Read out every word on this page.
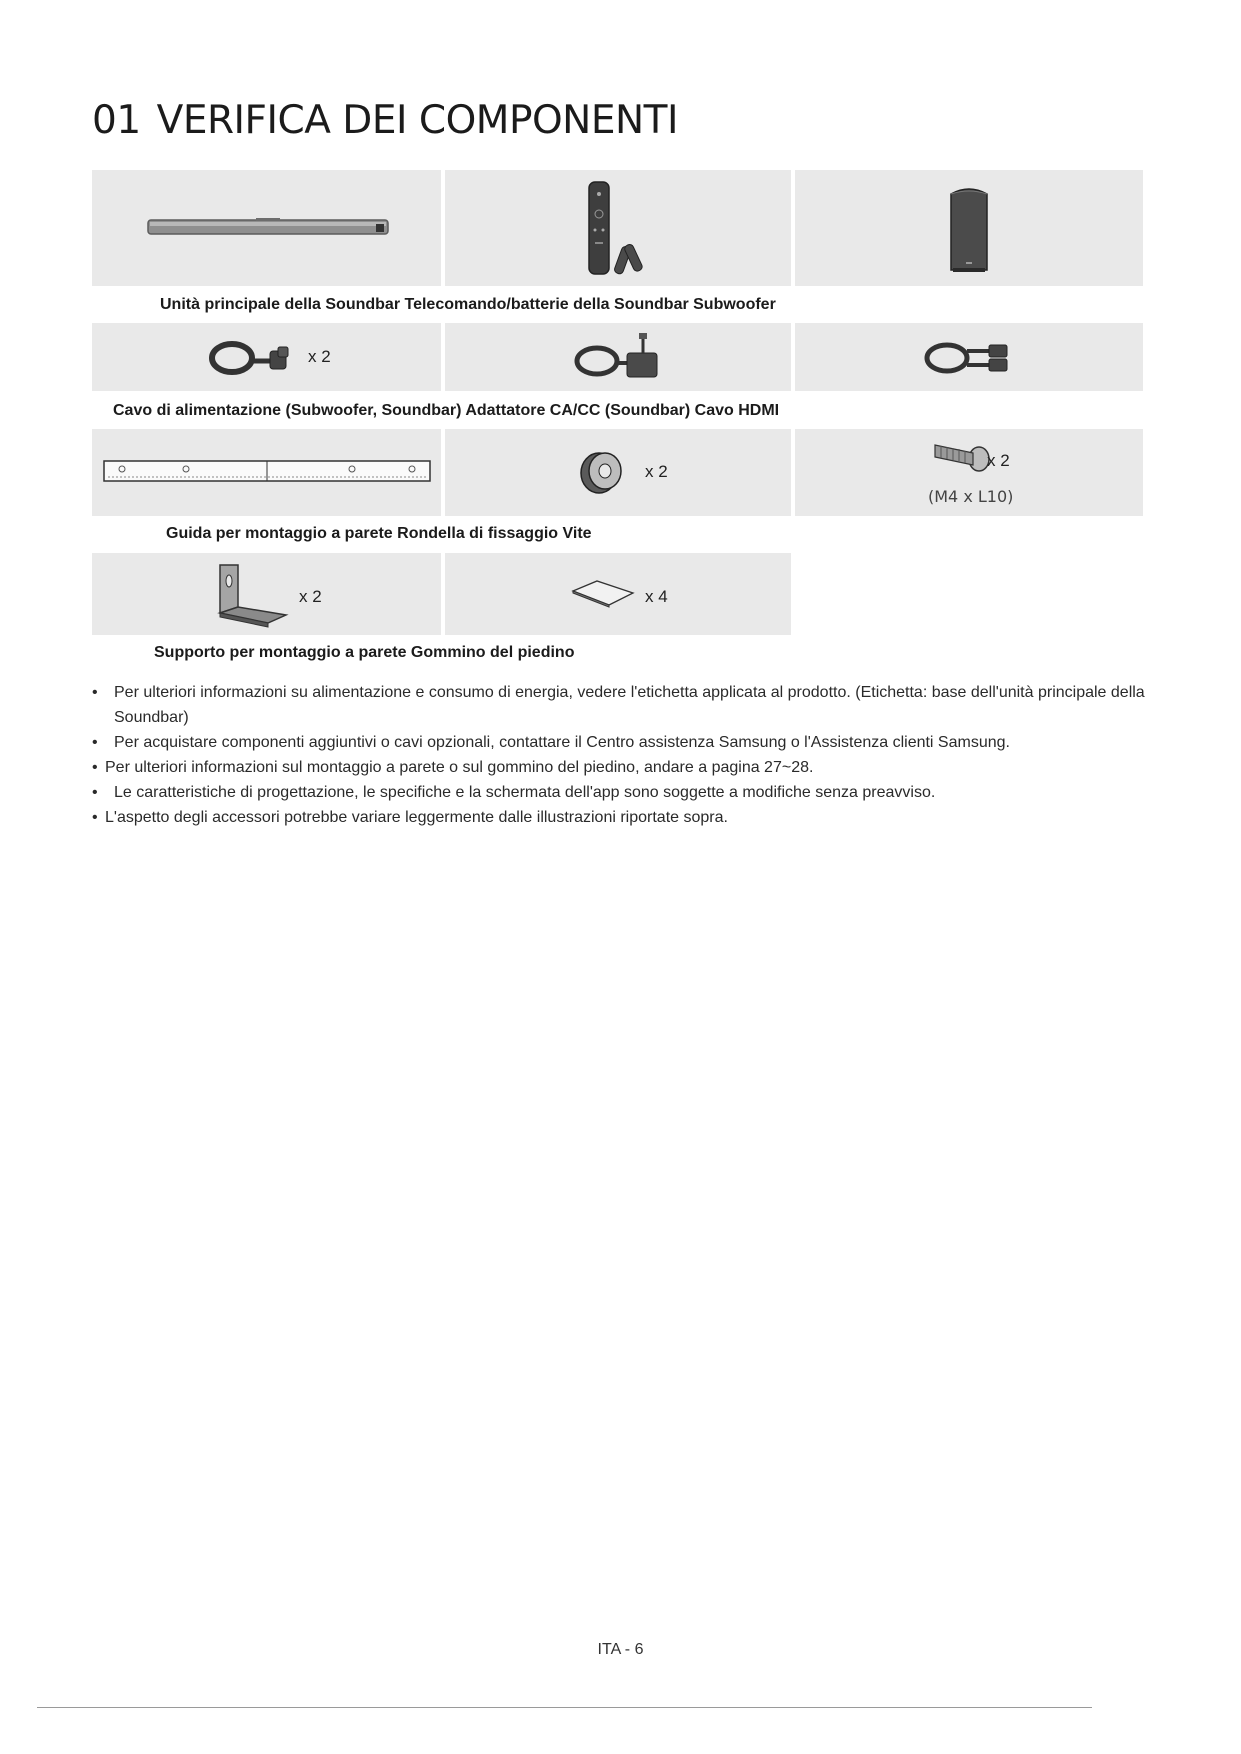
01 VERIFICA DEI COMPONENTI

Unità principale della Soundbar Telecomando/batterie della Soundbar Subwoofer

x 2

Cavo di alimentazione (Subwoofer, Soundbar) Adattatore CA/CC (Soundbar) Cavo HDMI

x 2
x 2
(M4 x L10)

Guida per montaggio a parete Rondella di fissaggio Vite

x 2	x 4

Supporto per montaggio a parete Gommino del piedino

•	Per ulteriori informazioni su alimentazione e consumo di energia, vedere l'etichetta applicata al prodotto. (Etichetta: base dell'unità principale della
Soundbar)
•	Per acquistare componenti aggiuntivi o cavi opzionali, contattare il Centro assistenza Samsung o l'Assistenza clienti Samsung.
• Per ulteriori informazioni sul montaggio a parete o sul gommino del piedino, andare a pagina 27~28.
•	Le caratteristiche di progettazione, le specifiche e la schermata dell'app sono soggette a modifiche senza preavviso.
• L'aspetto degli accessori potrebbe variare leggermente dalle illustrazioni riportate sopra.
ITA - 6
